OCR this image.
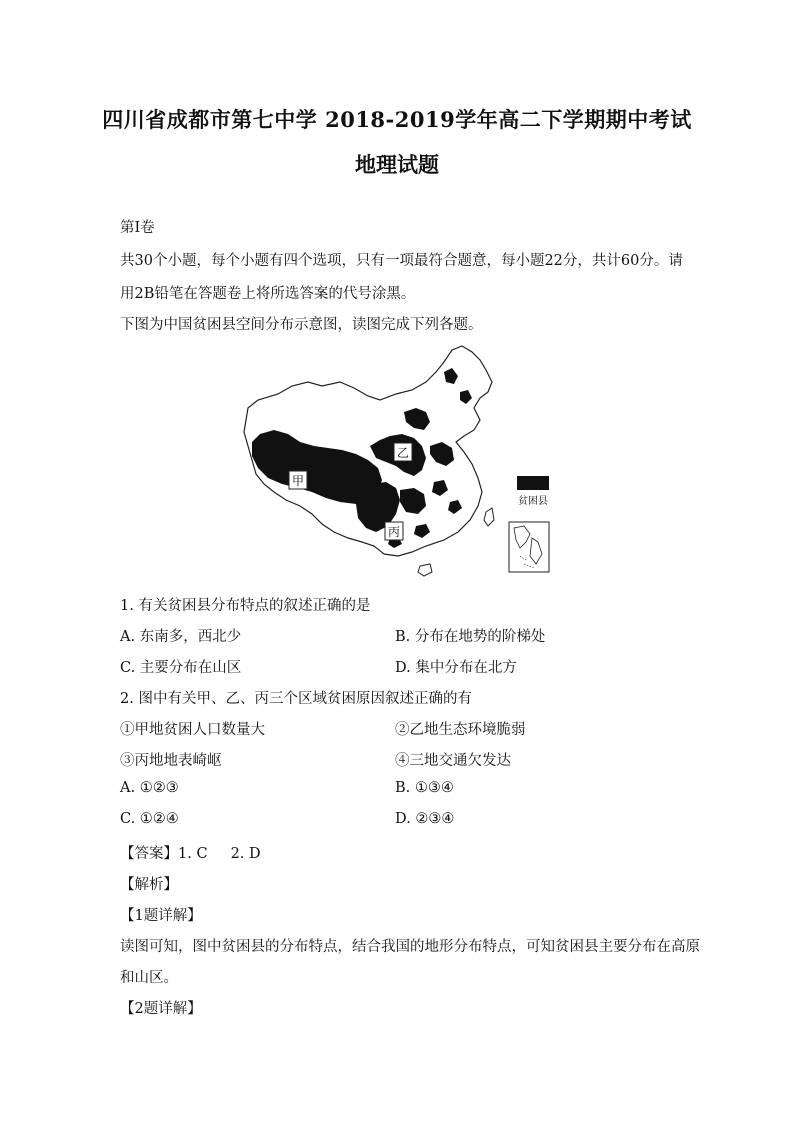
四川省成都市第七中学 2018-2019学年高二下学期期中考试
地理试题
第Ⅰ卷
共30个小题，每个小题有四个选项，只有一项最符合题意，每小题22分，共计60分。请
用2B铅笔在答题卷上将所选答案的代号涂黑。
下图为中国贫困县空间分布示意图，读图完成下列各题。
甲
乙
丙
贫困县
1. 有关贫困县分布特点的叙述正确的是
A. 东南多，西北少	B. 分布在地势的阶梯处
C. 主要分布在山区	D. 集中分布在北方
2. 图中有关甲、乙、丙三个区域贫困原因叙述正确的有
①甲地贫困人口数量大	②乙地生态环境脆弱
③丙地地表崎岖	④三地交通欠发达
A. ①②③	B. ①③④
C. ①②④	D. ②③④
【答案】1. C     2. D
【解析】
【1题详解】
读图可知，图中贫困县的分布特点，结合我国的地形分布特点，可知贫困县主要分布在高原
和山区。
【2题详解】
